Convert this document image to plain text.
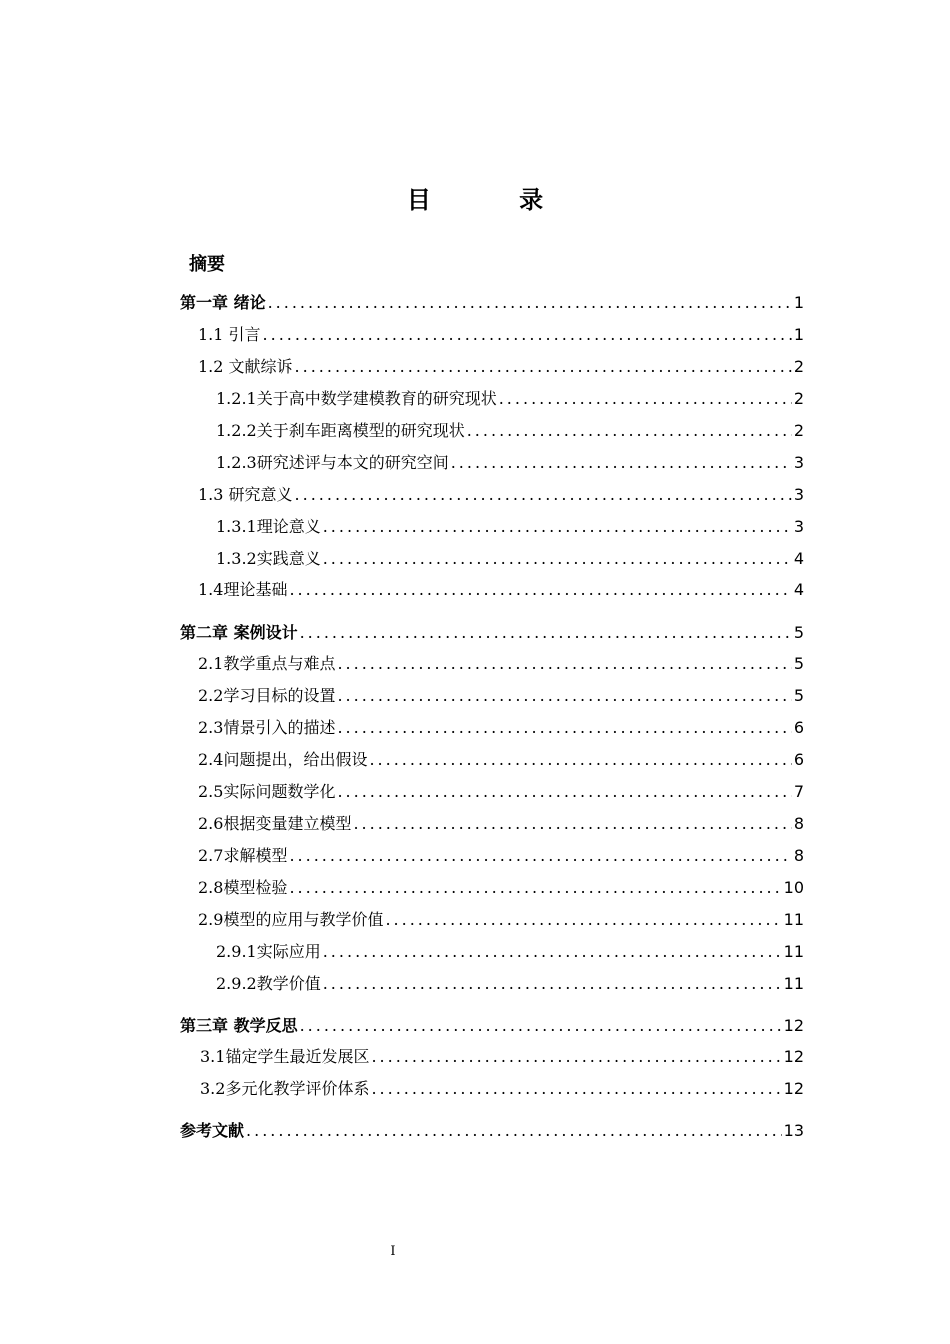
目 录
摘要
第一章 绪论 .....	1
1.1 引言 .....	1
1.2 文献综诉 .....	2
1.2.1关于高中数学建模教育的研究现状 .....	2
1.2.2关于刹车距离模型的研究现状 .....	2
1.2.3研究述评与本文的研究空间 .....	3
1.3 研究意义 .....	3
1.3.1理论意义 .....	3
1.3.2实践意义 .....	4
1.4理论基础 .....	4
第二章 案例设计 .....	5
2.1教学重点与难点 .....	5
2.2学习目标的设置 .....	5
2.3情景引入的描述 .....	6
2.4问题提出，给出假设 .....	6
2.5实际问题数学化 .....	7
2.6根据变量建立模型 .....	8
2.7求解模型 .....	8
2.8模型检验 .....	10
2.9模型的应用与教学价值 .....	11
2.9.1实际应用 .....	11
2.9.2教学价值 .....	11
第三章 教学反思 .....	12
3.1锚定学生最近发展区 .....	12
3.2多元化教学评价体系 .....	12
参考文献 .....	13
I
